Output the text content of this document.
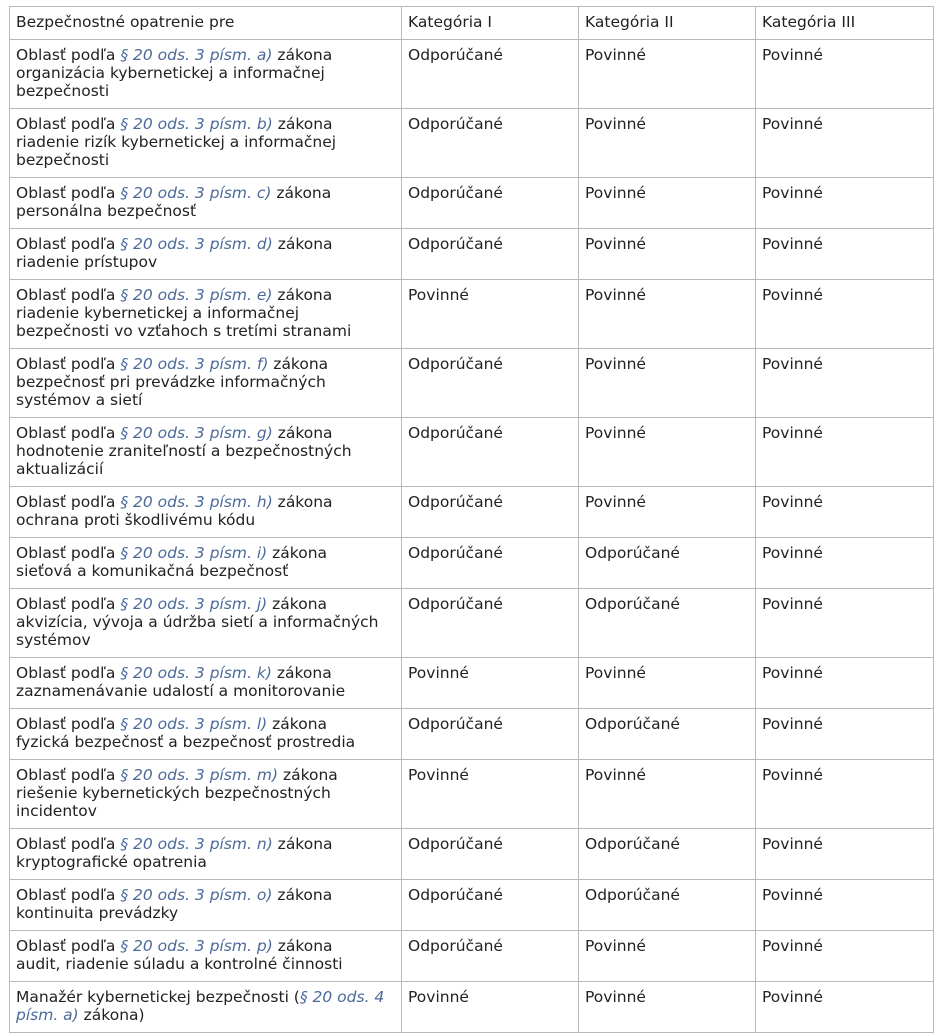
Bezpečnostné opatrenie pre	Kategória I	Kategória II	Kategória III
Oblasť podľa § 20 ods. 3 písm. a) zákona
organizácia kybernetickej a informačnej bezpečnosti	Odporúčané	Povinné	Povinné
Oblasť podľa § 20 ods. 3 písm. b) zákona
riadenie rizík kybernetickej a informačnej bezpečnosti	Odporúčané	Povinné	Povinné
Oblasť podľa § 20 ods. 3 písm. c) zákona
personálna bezpečnosť	Odporúčané	Povinné	Povinné
Oblasť podľa § 20 ods. 3 písm. d) zákona
riadenie prístupov	Odporúčané	Povinné	Povinné
Oblasť podľa § 20 ods. 3 písm. e) zákona
riadenie kybernetickej a informačnej bezpečnosti vo vzťahoch s tretími stranami	Povinné	Povinné	Povinné
Oblasť podľa § 20 ods. 3 písm. f) zákona
bezpečnosť pri prevádzke informačných systémov a sietí	Odporúčané	Povinné	Povinné
Oblasť podľa § 20 ods. 3 písm. g) zákona
hodnotenie zraniteľností a bezpečnostných aktualizácií	Odporúčané	Povinné	Povinné
Oblasť podľa § 20 ods. 3 písm. h) zákona
ochrana proti škodlivému kódu	Odporúčané	Povinné	Povinné
Oblasť podľa § 20 ods. 3 písm. i) zákona
sieťová a komunikačná bezpečnosť	Odporúčané	Odporúčané	Povinné
Oblasť podľa § 20 ods. 3 písm. j) zákona
akvizícia, vývoja a údržba sietí a informačných systémov	Odporúčané	Odporúčané	Povinné
Oblasť podľa § 20 ods. 3 písm. k) zákona
zaznamenávanie udalostí a monitorovanie	Povinné	Povinné	Povinné
Oblasť podľa § 20 ods. 3 písm. l) zákona
fyzická bezpečnosť a bezpečnosť prostredia	Odporúčané	Odporúčané	Povinné
Oblasť podľa § 20 ods. 3 písm. m) zákona
riešenie kybernetických bezpečnostných incidentov	Povinné	Povinné	Povinné
Oblasť podľa § 20 ods. 3 písm. n) zákona
kryptografické opatrenia	Odporúčané	Odporúčané	Povinné
Oblasť podľa § 20 ods. 3 písm. o) zákona
kontinuita prevádzky	Odporúčané	Odporúčané	Povinné
Oblasť podľa § 20 ods. 3 písm. p) zákona
audit, riadenie súladu a kontrolné činnosti	Odporúčané	Povinné	Povinné
Manažér kybernetickej bezpečnosti (§ 20 ods. 4 písm. a) zákona)	Povinné	Povinné	Povinné
